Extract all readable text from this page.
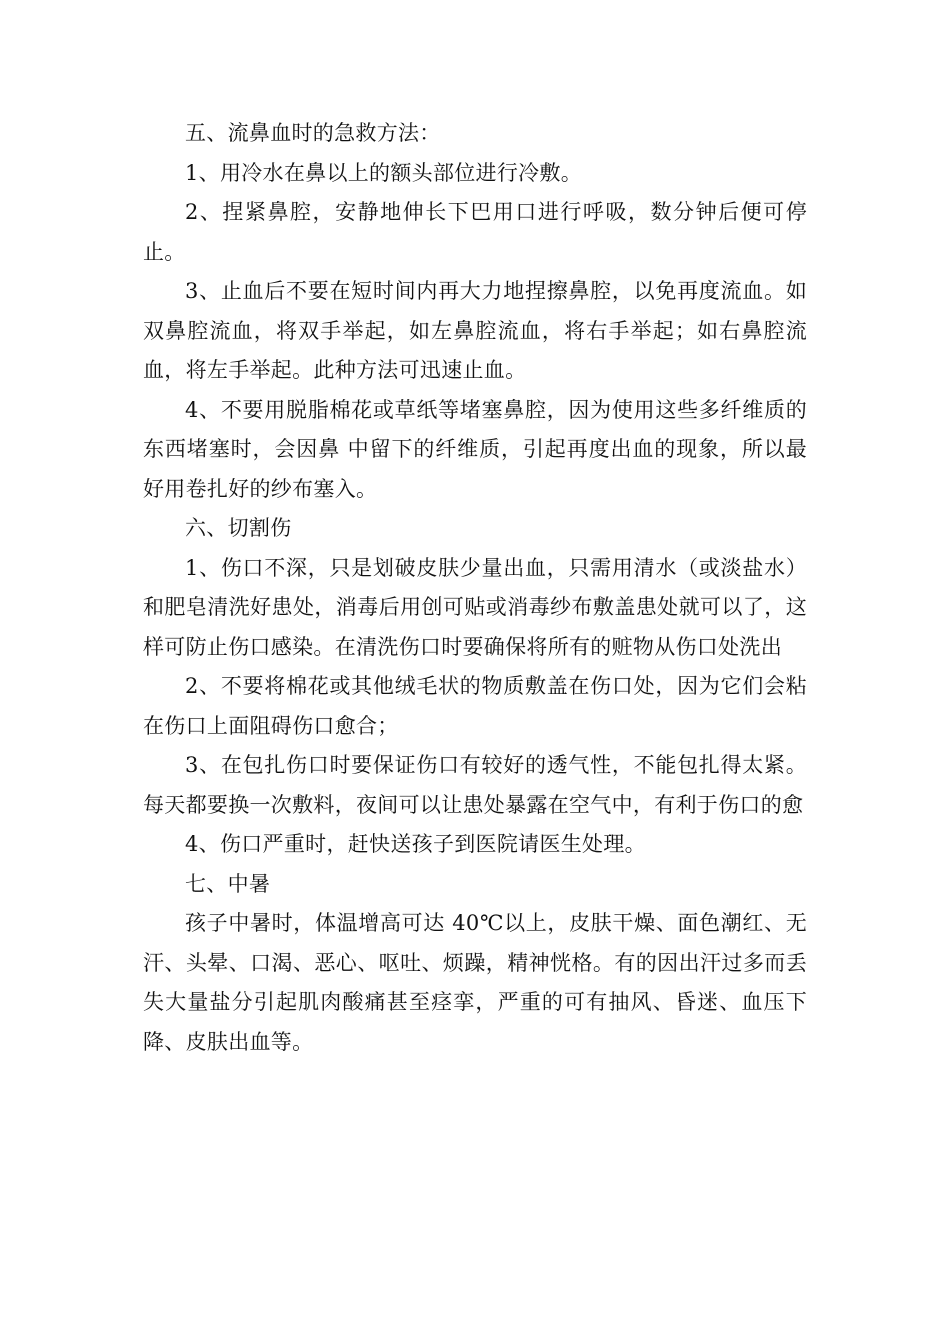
五、流鼻血时的急救方法：

1、用冷水在鼻以上的额头部位进行冷敷。

2、捏紧鼻腔，安静地伸长下巴用口进行呼吸，数分钟后便可停止。

3、止血后不要在短时间内再大力地捏擦鼻腔，以免再度流血。如双鼻腔流血，将双手举起，如左鼻腔流血，将右手举起；如右鼻腔流血，将左手举起。此种方法可迅速止血。

4、不要用脱脂棉花或草纸等堵塞鼻腔，因为使用这些多纤维质的东西堵塞时，会因鼻 中留下的纤维质，引起再度出血的现象，所以最好用卷扎好的纱布塞入。

六、切割伤

1、伤口不深，只是划破皮肤少量出血，只需用清水（或淡盐水）和肥皂清洗好患处，消毒后用创可贴或消毒纱布敷盖患处就可以了，这样可防止伤口感染。在清洗伤口时要确保将所有的赃物从伤口处洗出

2、不要将棉花或其他绒毛状的物质敷盖在伤口处，因为它们会粘在伤口上面阻碍伤口愈合；

3、在包扎伤口时要保证伤口有较好的透气性，不能包扎得太紧。每天都要换一次敷料，夜间可以让患处暴露在空气中，有利于伤口的愈

4、伤口严重时，赶快送孩子到医院请医生处理。

七、中暑

孩子中暑时，体温增高可达 40℃以上，皮肤干燥、面色潮红、无汗、头晕、口渴、恶心、呕吐、烦躁，精神恍格。有的因出汗过多而丢失大量盐分引起肌肉酸痛甚至痉挛，严重的可有抽风、昏迷、血压下降、皮肤出血等。
